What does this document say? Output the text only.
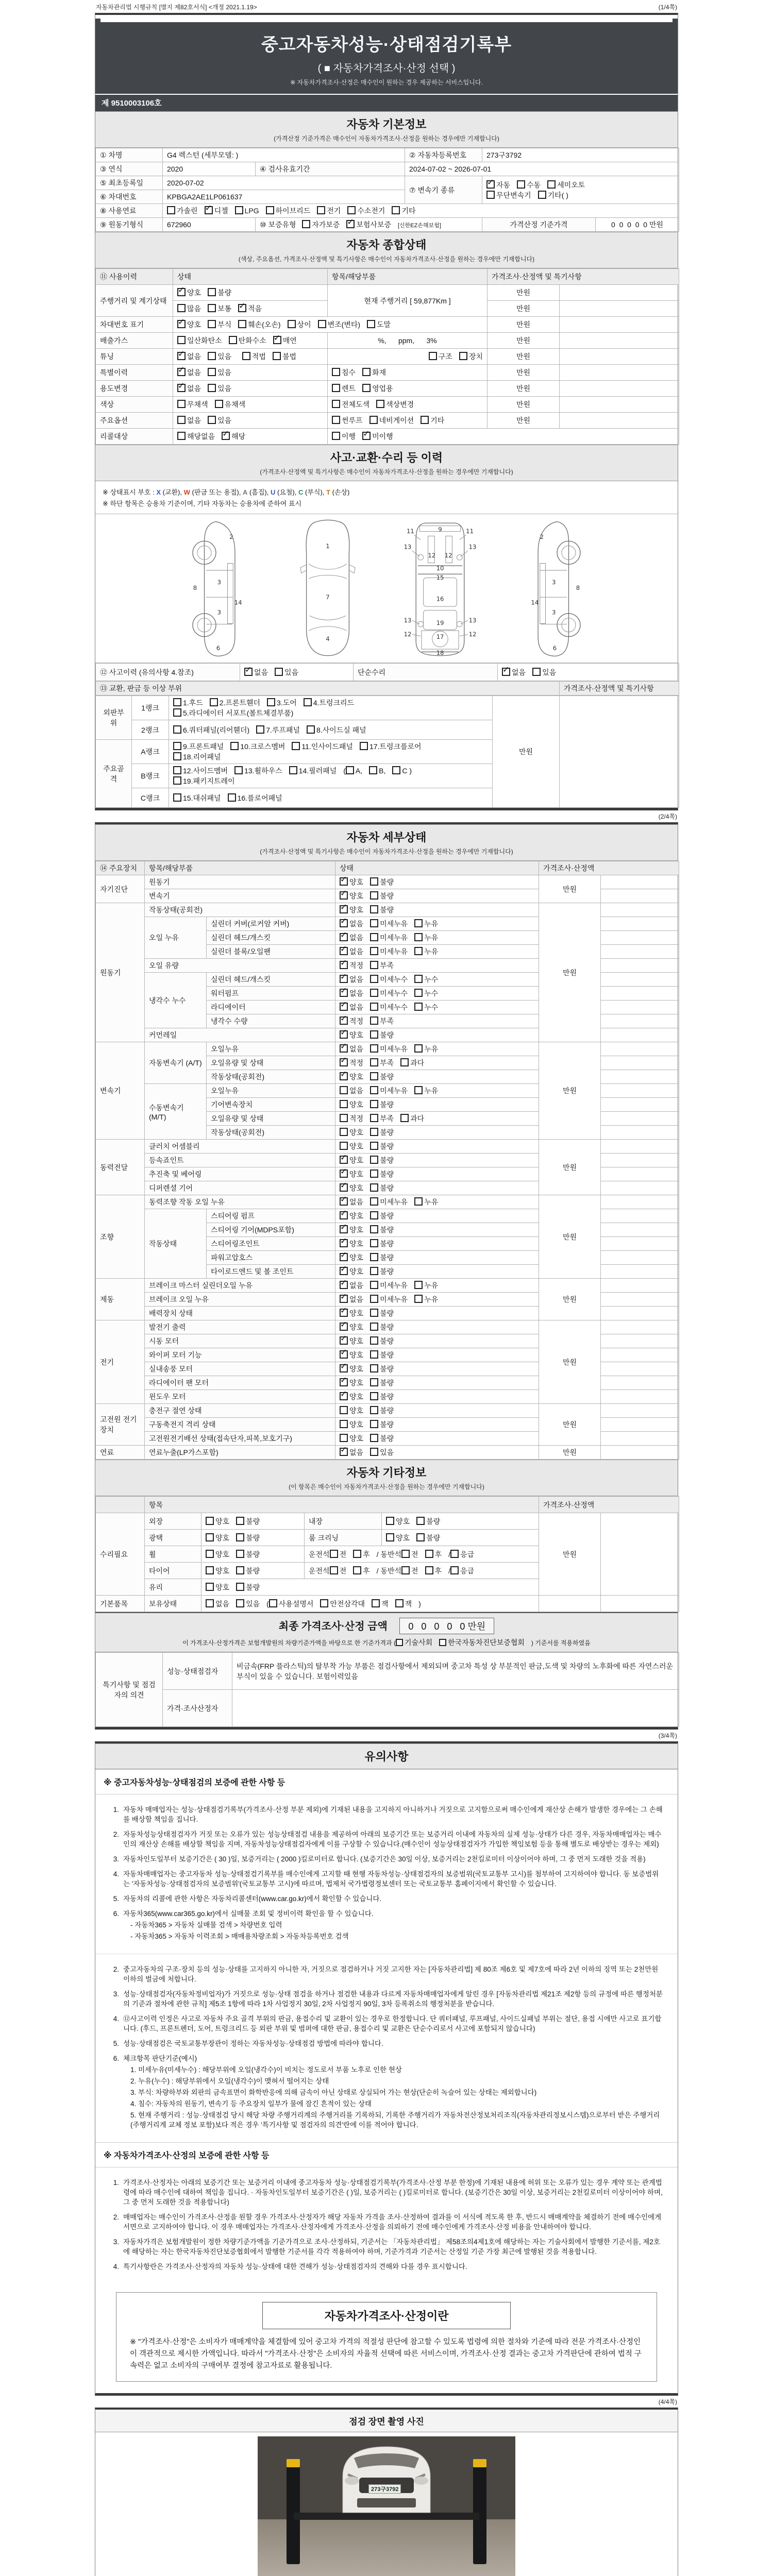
자동차관리법 시행규칙 [별지 제82호서식] <개정 2021.1.19>	(1/4쪽)
중고자동차성능·상태점검기록부
( ■ 자동차가격조사·산정 선택 )
※ 자동차가격조사·산정은 매수인이 원하는 경우 제공하는 서비스입니다.
제 9510003106호
자동차 기본정보
(가격산정 기준가격은 매수인이 자동차가격조사·산정을 원하는 경우에만 기재합니다)
① 차명	G4 렉스턴 (세부모델: )		② 자동차등록번호	273구3792	
③ 연식	2020	④ 검사유효기간	2024-07-02 ~ 2026-07-01		
⑤ 최초등록일	2020-07-02		⑦ 변속기 종류	✓자동 수동 세미오토
무단변속기 기타( )
⑥ 차대번호	KPBGA2AE1LP061637				
⑧ 사용연료	가솔린 ✓ 디젤 LPG 하이브리드 전기 수소전기 기타
⑨ 원동기형식	672960	⑩ 보증유형   자가보증 ✓ 보험사보증 [신한EZ손해보험]		가격산정 기준가격	0  0  0  0  0 만원
자동차 종합상태
(색상, 주요옵션, 가격조사·산정액 및 특기사항은 매수인이 자동차가격조사·산정을 원하는 경우에만 기재합니다)
⑪ 사용이력	상태	항목/해당부품	가격조사·산정액 및 특기사항	
주행거리 및 계기상태	✓양호 불량	현재 주행거리 [ 59,877Km ]	만원	
	많음 보통 ✓ 적음		만원	
차대번호 표기	✓양호 부식 훼손(오손) 상이 변조(변타) 도말		만원	
배출가스	일산화탄소 탄화수소 ✓ 매연	%,      ppm,      3%	만원	
튜닝	✓없음 있음 적법 불법	구조 장치	만원	
특별이력	✓없음 있음	침수 화재	만원	
용도변경	✓없음 있음	렌트 영업용	만원	
색상	무채색 유채색	전체도색 색상변경	만원	
주요옵션	없음 있음	썬루프 네비게이션 기타	만원	
리콜대상	해당없음 ✓ 해당	이행 ✓ 미이행
사고·교환·수리 등 이력
(가격조사·산정액 및 특기사항은 매수인이 자동차가격조사·산정을 원하는 경우에만 기재합니다)
※ 상태표시 부호 : X (교환), W (판금 또는 용접), A (흠집), U (요철), C (부식), T (손상)
※ 하단 항목은 승용차 기준이며, 기타 자동차는 승용차에 준하여 표시
2
8
3
3
14
6
1
7
4
9
11	11
13	13
12 12
10
15
16
19
13	13
12	12
17
18
2
8
3
3
14
6
⑫ 사고이력 (유의사항 4.참조)	✓없음 있음	단순수리	✓없음 있음
⑬ 교환, 판금 등 이상 부위	가격조사·산정액 및 특기사항
외판부위	1랭크	1.후드 2.프론트휀더 3.도어 4.트렁크리드
5.라디에이터 서포트(볼트체결부품)	만원	
	2랭크	6.쿼터패널(리어휀더) 7.루프패널 8.사이드실 패널		
주요골격	A랭크	9.프론트패널 10.크로스멤버 11.인사이드패널 17.트렁크플로어
18.리어패널		
	B랭크	12.사이드멤버 13.휠하우스 14.필러패널 ( A, B, C )
19.패키지트레이		
	C랭크	15.대쉬패널 16.플로어패널		
(2/4쪽)
자동차 세부상태
(가격조사·산정액 및 특기사항은 매수인이 자동차가격조사·산정을 원하는 경우에만 기재합니다)
⑭ 주요장치	항목/해당부품		상태	가격조사·산정액	
자기진단	원동기	✓양호 불량	만원	
	변속기	✓양호 불량	
원동기	작동상태(공회전)	✓양호 불량	만원	
	오일 누유	실린더 커버(로커암 커버)	✓없음 미세누유 누유	
		실린더 헤드/개스킷	✓없음 미세누유 누유	
		실린더 블록/오일팬	✓없음 미세누유 누유	
	오일 유량	✓적정 부족	
	냉각수 누수	실린더 헤드/개스킷	✓없음 미세누수 누수	
		워터펌프	✓없음 미세누수 누수	
		라디에이터	✓없음 미세누수 누수	
		냉각수 수량	✓적정 부족	
	커먼레일	✓양호 불량	
변속기	자동변속기 (A/T)	오일누유	✓없음 미세누유 누유	만원	
		오일유량 및 상태	✓적정 부족 과다	
		작동상태(공회전)	✓양호 불량	
	수동변속기 (M/T)	오일누유	없음 미세누유 누유		
		기어변속장치	양호 불량		
		오일유량 및 상태	적정 부족 과다		
		작동상태(공회전)	양호 불량		
동력전달	클러치 어셈블리		양호 불량	만원	
	등속죠인트	✓양호 불량	
	추진축 및 베어링	✓양호 불량	
	디퍼렌셜 기어	✓양호 불량	
조향	동력조향 작동 오일 누유	✓없음 미세누유 누유	만원	
	작동상태	스티어링 펌프	✓양호 불량	
		스티어링 기어(MDPS포함)	✓양호 불량	
		스티어링조인트	✓양호 불량	
		파워고압호스	✓양호 불량	
		타이로드엔드 및 볼 조인트	✓양호 불량	
제동	브레이크 마스터 실린더오일 누유	✓없음 미세누유 누유	만원	
	브레이크 오일 누유	✓없음 미세누유 누유	
	배력장치 상태	✓양호 불량	
전기	발전기 출력	✓양호 불량	만원	
	시동 모터	✓양호 불량	
	와이퍼 모터 기능	✓양호 불량	
	실내송풍 모터	✓양호 불량	
	라디에이터 팬 모터	✓양호 불량	
	윈도우 모터	✓양호 불량	
고전원 전기장치	충전구 절연 상태		양호 불량	만원	
	구동축전지 격리 상태		양호 불량		
	고전원전기배선 상태(접속단자,피복,보호기구)		양호 불량		
연료	연료누출(LP가스포함)	✓없음 있음	만원	
자동차 기타정보
(이 항목은 매수인이 자동차가격조사·산정을 원하는 경우에만 기재합니다)
	항목				가격조사·산정액	
수리필요	외장	양호 불량	내장	양호 불량	만원	
	광택	양호 불량	룸 크리닝	양호 불량		
	휠	양호 불량	운전석 전 후 / 동반석 전 후 / 응급			
	타이어	양호 불량	운전석 전 후 / 동반석 전 후 / 응급			
	유리	양호 불량				
기본품목	보유상태	없음 있음 ( 사용설명서 안전삼각대 잭 잭 )				
최종 가격조사·산정 금액 0   0   0   0   0 만원
이 가격조사·산정가격은 보험개발원의 차량기준가액을 바탕으로 한 기준가격과 ( 기술사회 한국자동차진단보증협회 ) 기준서를 적용하였음
특기사항 및 점검자의 의견	성능·상태점검자	비금속(FRP 플라스틱)의 탈부착 가능 부품은 점검사항에서 제외되며 중고차 특성 상 부분적인 판금,도색 및 차량의 노후화에 따른 자연스러운 부식이 있을 수 있습니다. 보험이력있음
	가격·조사산정자	
(3/4쪽)
유의사항
※ 중고자동차성능·상태점검의 보증에 관한 사항 등
1. 자동차 매매업자는 성능·상태점검기록부(가격조사·산정 부분 제외)에 기재된 내용을 고지하지 아니하거나 거짓으로 고지함으로써 매수인에게 재산상 손해가 발생한 경우에는 그 손해를 배상할 책임을 집니다.
2. 자동차성능상태점검자가 거짓 또는 오류가 있는 성능상태점검 내용을 제공하여 아래의 보증기간 또는 보증거리 이내에 자동차의 실제 성능·상태가 다른 경우, 자동차매매업자는 매수인의 재산상 손해를 배상할 책임을 지며, 자동차성능상태점검자에게 이를 구상할 수 있습니다.(매수인이 성능상태점검자가 가입한 책임보험 등을 통해 별도로 배상받는 경우는 제외)
3. 자동차인도일부터 보증기간은 ( 30 )일, 보증거리는 ( 2000 )킬로미터로 합니다. (보증기간은 30일 이상, 보증거리는 2천킬로미터 이상이어야 하며, 그 중 먼저 도래한 것을 적용)
4. 자동차매매업자는 중고자동차 성능·상태점검기록부를 매수인에게 고지할 때 현행 자동차성능·상태점검자의 보증범위(국토교통부 고시)를 첨부하여 고지하여야 합니다. 동 보증범위는 '자동차성능·상태점검자의 보증범위'(국토교통부 고시)에 따르며, 법제처 국가법령정보센터 또는 국토교통부 홈페이지에서 확인할 수 있습니다.
5. 자동차의 리콜에 관한 사항은 자동차리콜센터(www.car.go.kr)에서 확인할 수 있습니다.
6. 자동차365(www.car365.go.kr)에서 실매물 조회 및 정비이력 확인을 할 수 있습니다.
- 자동차365 > 자동차 실매물 검색 > 차량번호 입력
- 자동차365 > 자동차 이력조회 > 매매용차량조회 > 자동차등록번호 검색
2. 중고자동차의 구조·장치 등의 성능·상태를 고지하지 아니한 자, 거짓으로 점검하거나 거짓 고지한 자는 [자동차관리법] 제 80조 제6호 및 제7호에 따라 2년 이하의 징역 또는 2천만원 이하의 벌금에 처합니다.
3. 성능·상태점검자(자동차정비업자)가 거짓으로 성능·상태 점검을 하거나 점검한 내용과 다르게 자동차매매업자에게 알린 경우 [자동차관리법 제21조 제2항 등의 규정에 따른 행정처분의 기준과 절차에 관한 규칙] 제5조 1항에 따라 1차 사업정지 30일, 2차 사업정지 90일, 3차 등록취소의 행정처분을 받습니다.
4. ⑫사고이력 인정은 사고로 자동차 주요 골격 부위의 판금, 용접수리 및 교환이 있는 경우로 한정합니다. 단 쿼터패널, 루프패널, 사이드실패널 부위는 절단, 용접 시에만 사고로 표기합니다. (후드, 프론트펜더, 도어, 트렁크리드 등 외판 부위 및 범퍼에 대한 판금, 용접수리 및 교환은 단순수리로서 사고에 포함되지 않습니다)
5. 성능·상태점검은 국토교통부장관이 정하는 자동차성능·상태점검 방법에 따라야 합니다.
6. 체크항목 판단기준(예시)
1. 미세누유(미세누수) : 해당부위에 오일(냉각수)이 비치는 정도로서 부품 노후로 인한 현상
2. 누유(누수) : 해당부위에서 오일(냉각수)이 맺혀서 떨어지는 상태
3. 부식: 차량하부와 외판의 금속표면이 화학반응에 의해 금속이 아닌 상태로 상실되어 가는 현상(단순히 녹슬어 있는 상태는 제외합니다)
4. 침수: 자동차의 원동기, 변속기 등 주요장치 일부가 물에 잠긴 흔적이 있는 상태
5. 현재 주행거리 : 성능·상태점검 당시 해당 차량 주행거리계의 주행거리를 기록하되, 기록한 주행거리가 자동차전산정보처리조직(자동차관리정보시스템)으로부터 받은 주행거리(주행거리계 교체 정보 포함)보다 적은 경우 '특기사항 및 점검자의 의견'란에 이를 적어야 합니다.
※ 자동차가격조사·산정의 보증에 관한 사항 등
1. 가격조사·산정자는 아래의 보증기간 또는 보증거리 이내에 중고자동차 성능·상태점검기록부(가격조사·산정 부분 한정)에 기재된 내용에 허위 또는 오류가 있는 경우 계약 또는 관계법령에 따라 매수인에 대하여 책임을 집니다. · 자동차인도일부터 보증기간은 ( )일, 보증거리는 ( )킬로미터로 합니다. (보증기간은 30일 이상, 보증거리는 2천킬로미터 이상이어야 하며, 그 중 먼저 도래한 것을 적용합니다)
2. 매매업자는 매수인이 가격조사·산정을 원할 경우 가격조사·산정자가 해당 자동차 가격을 조사·산정하여 결과를 이 서식에 적도록 한 후, 반드시 매매계약을 체결하기 전에 매수인에게 서면으로 고지하여야 합니다. 이 경우 매매업자는 가격조사·산정자에게 가격조사·산정을 의뢰하기 전에 매수인에게 가격조사·산정 비용을 안내하여야 합니다.
3. 자동차가격은 보험개발원이 정한 차량기준가액을 기준가격으로 조사·산정하되, 기준서는 「자동차관리법」 제58조의4제1호에 해당하는 자는 기술사회에서 발행한 기준서를, 제2호에 해당하는 자는 한국자동차진단보증협회에서 발행한 기준서를 각각 적용하여야 하며, 기준가격과 기준서는 산정일 기준 가장 최근에 발행된 것을 적용합니다.
4. 특기사항란은 가격조사·산정자의 자동차 성능·상태에 대한 견해가 성능·상태점검자의 견해와 다를 경우 표시합니다.
자동차가격조사·산정이란
※ "가격조사·산정"은 소비자가 매매계약을 체결함에 있어 중고차 가격의 적절성 판단에 참고할 수 있도록 법령에 의한 절차와 기준에 따라 전문 가격조사·산정인이 객관적으로 제시한 가액입니다. 따라서 "가격조사·산정"은 소비자의 자율적 선택에 따른 서비스이며, 가격조사·산정 결과는 중고차 가격판단에 관하여 법적 구속력은 없고 소비자의 구매여부 결정에 참고자료로 활용됩니다.
(4/4쪽)
점검 장면 촬영 사진
273구3792
